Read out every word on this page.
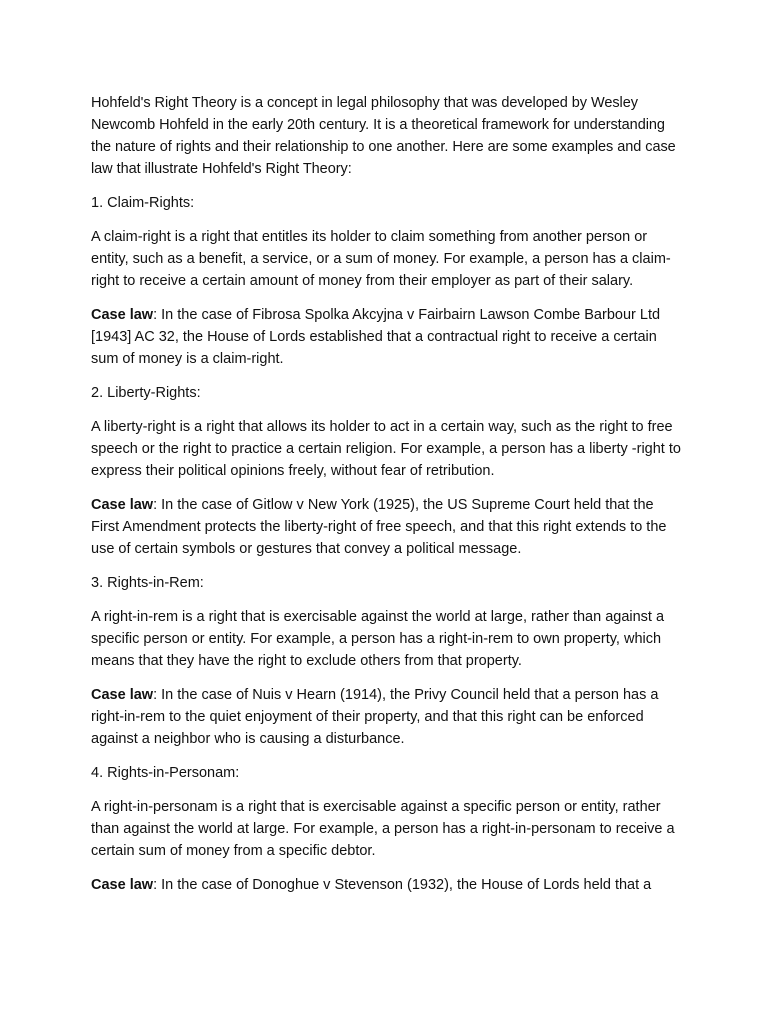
Hohfeld's Right Theory is a concept in legal philosophy that was developed by Wesley Newcomb Hohfeld in the early 20th century. It is a theoretical framework for understanding the nature of rights and their relationship to one another. Here are some examples and case law that illustrate Hohfeld's Right Theory:

1. Claim-Rights:

A claim-right is a right that entitles its holder to claim something from another person or entity, such as a benefit, a service, or a sum of money. For example, a person has a claim-right to receive a certain amount of money from their employer as part of their salary.

Case law: In the case of Fibrosa Spolka Akcyjna v Fairbairn Lawson Combe Barbour Ltd [1943] AC 32, the House of Lords established that a contractual right to receive a certain sum of money is a claim-right.

2. Liberty-Rights:

A liberty-right is a right that allows its holder to act in a certain way, such as the right to free speech or the right to practice a certain religion. For example, a person has a liberty -right to express their political opinions freely, without fear of retribution.

Case law: In the case of Gitlow v New York (1925), the US Supreme Court held that the First Amendment protects the liberty-right of free speech, and that this right extends to the use of certain symbols or gestures that convey a political message.

3. Rights-in-Rem:

A right-in-rem is a right that is exercisable against the world at large, rather than against a specific person or entity. For example, a person has a right-in-rem to own property, which means that they have the right to exclude others from that property.

Case law: In the case of Nuis v Hearn (1914), the Privy Council held that a person has a right-in-rem to the quiet enjoyment of their property, and that this right can be enforced against a neighbor who is causing a disturbance.

4. Rights-in-Personam:

A right-in-personam is a right that is exercisable against a specific person or entity, rather than against the world at large. For example, a person has a right-in-personam to receive a certain sum of money from a specific debtor.

Case law: In the case of Donoghue v Stevenson (1932), the House of Lords held that a
